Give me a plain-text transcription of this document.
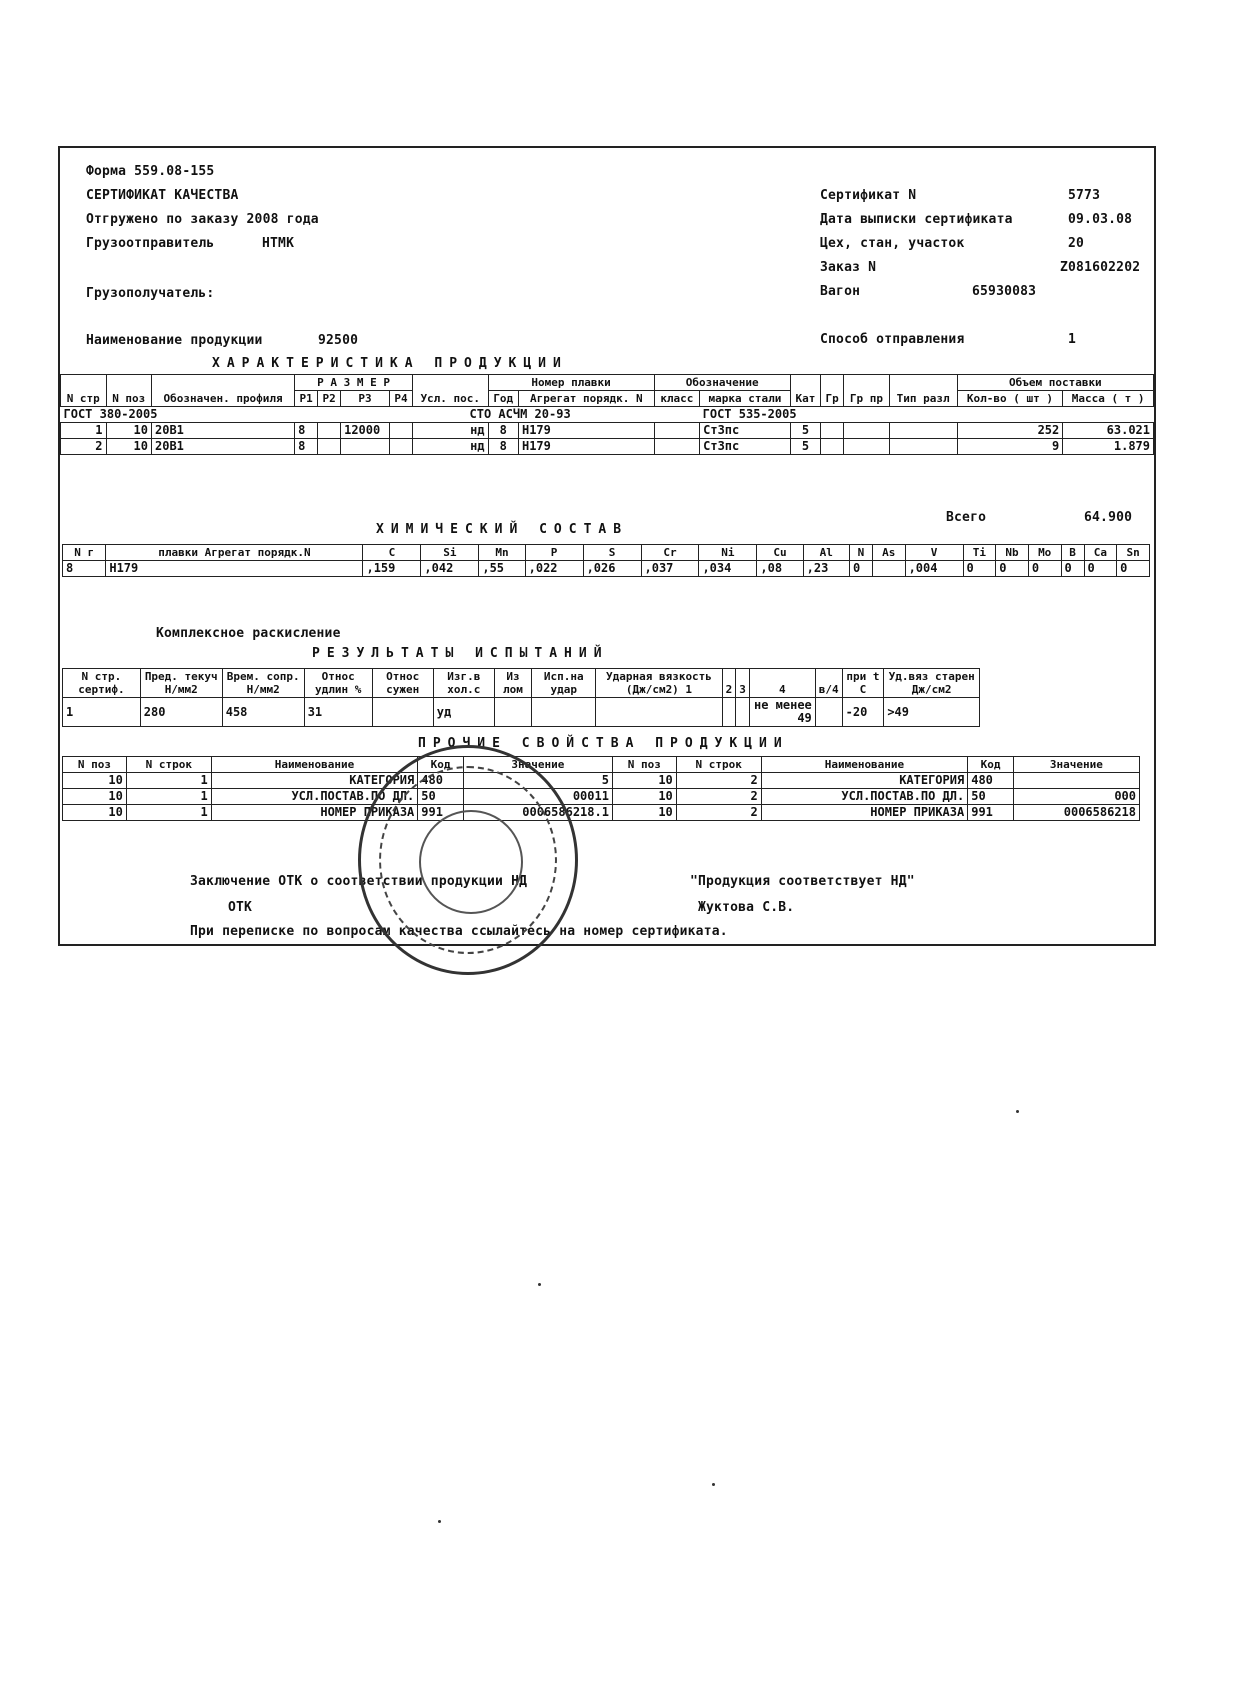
Форма 559.08-155
СЕРТИФИКАТ КАЧЕСТВА
Отгружено по заказу 2008 года
Грузоотправитель	НТМК
Грузополучатель:
Наименование продукции	92500
Сертификат N	5773
Дата выписки сертификата	09.03.08
Цех, стан, участок	20
Заказ N	Z081602202
Вагон	65930083
Способ отправления	1
ХАРАКТЕРИСТИКА ПРОДУКЦИИ
N стр	N поз	Обозначен. профиля	Р А З М Е Р				Усл. пос.	Номер плавки		Обозначение		Кат	Гр	Гр пр	Тип разл	Объем поставки	
			P1	P2	P3	P4		Год	Агрегат порядк. N	класс	марка стали					Кол-во ( шт )	Масса ( т )
ГОСТ 380-2005					СТО АСЧМ 20-93						ГОСТ 535-2005						
1	10	20В1	8		12000		нд	8	Н179		Ст3пс	5				252	63.021
2	10	20В1	8				нд	8	Н179		Ст3пс	5				9	1.879
Всего	64.900
ХИМИЧЕСКИЙ СОСТАВ
N г	плавки Агрегат порядк.N	C	Si	Mn	P	S	Cr	Ni	Cu	Al	N	As	V	Ti	Nb	Mo	B	Ca	Sn
8	Н179	,159	,042	,55	,022	,026	,037	,034	,08	,23	0		,004	0	0	0	0	0	0
Комплексное раскисление
РЕЗУЛЬТАТЫ ИСПЫТАНИЙ
N стр. сертиф.	Пред. текуч Н/мм2	Врем. сопр. Н/мм2	Относ удлин %	Относ сужен	Изг.в хол.с	Из лом	Исп.на удар	Ударная вязкость (Дж/см2) 1	2	3	4	в/4	при t С	Уд.вяз старен Дж/см2
1	280	458	31		уд						не менее 49		-20	>49
ПРОЧИЕ СВОЙСТВА ПРОДУКЦИИ
N поз	N строк	Наименование	Код	Значение	N поз	N строк	Наименование	Код	Значение
10	1	КАТЕГОРИЯ	480	5	10	2	КАТЕГОРИЯ	480	
10	1	УСЛ.ПОСТАВ.ПО ДЛ.	50	00011	10	2	УСЛ.ПОСТАВ.ПО ДЛ.	50	000
10	1	НОМЕР ПРИКАЗА	991	0006586218.1	10	2	НОМЕР ПРИКАЗА	991	0006586218
Заключение ОТК о соответствии продукции НД	"Продукция соответствует НД"
ОТК	Жуктова С.В.
При переписке по вопросам качества ссылайтесь на номер сертификата.
